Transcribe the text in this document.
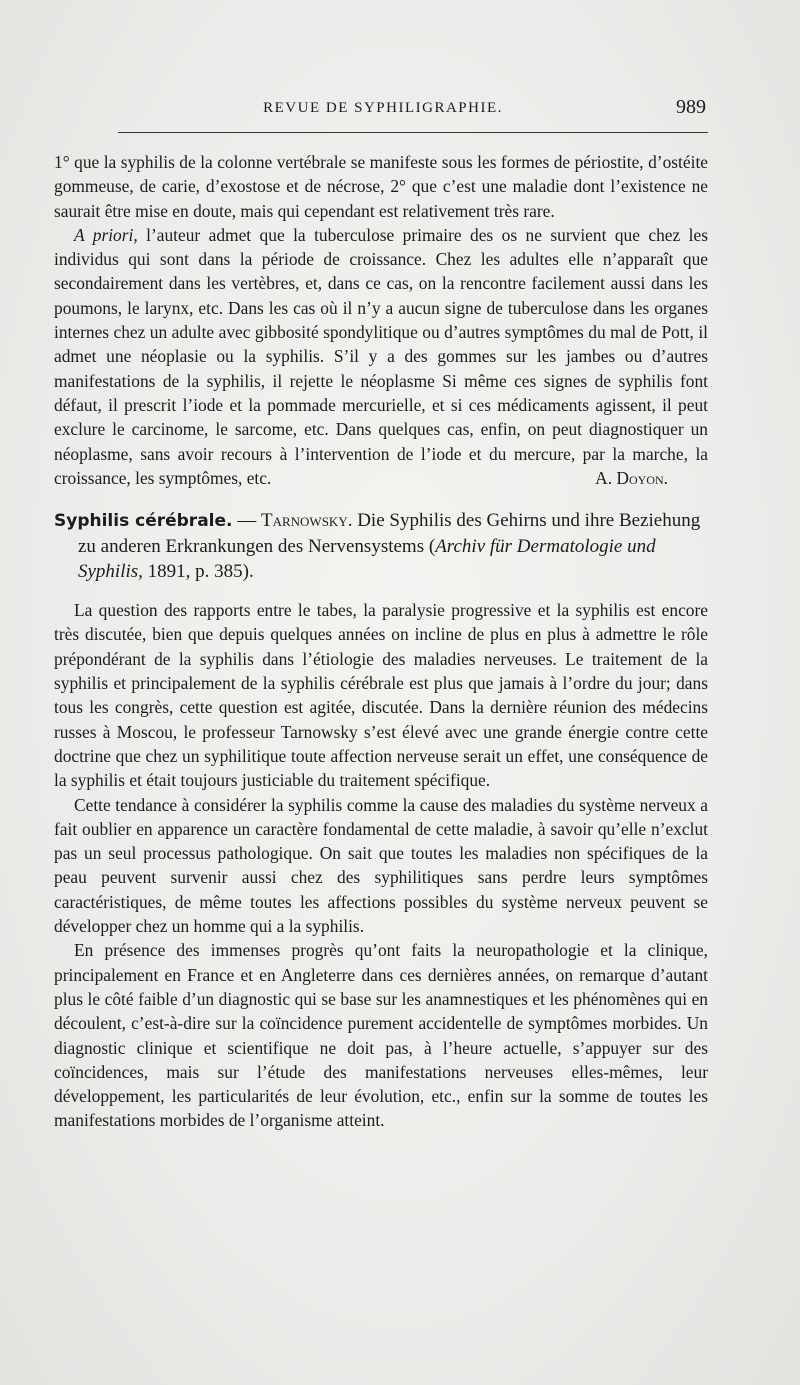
REVUE DE SYPHILIGRAPHIE.	989

1° que la syphilis de la colonne vertébrale se manifeste sous les formes de périostite, d’ostéite gommeuse, de carie, d’exostose et de nécrose, 2° que c’est une maladie dont l’existence ne saurait être mise en doute, mais qui cependant est relativement très rare.

A priori, l’auteur admet que la tuberculose primaire des os ne survient que chez les individus qui sont dans la période de croissance. Chez les adultes elle n’apparaît que secondairement dans les vertèbres, et, dans ce cas, on la rencontre facilement aussi dans les poumons, le larynx, etc. Dans les cas où il n’y a aucun signe de tuberculose dans les organes internes chez un adulte avec gibbosité spondylitique ou d’autres symptômes du mal de Pott, il admet une néoplasie ou la syphilis. S’il y a des gommes sur les jambes ou d’autres manifestations de la syphilis, il rejette le néoplasme Si même ces signes de syphilis font défaut, il prescrit l’iode et la pommade mercurielle, et si ces médicaments agissent, il peut exclure le carcinome, le sarcome, etc. Dans quelques cas, enfin, on peut diagnostiquer un néoplasme, sans avoir recours à l’intervention de l’iode et du mercure, par la marche, la croissance, les symptômes, etc.	A. Doyon.

Syphilis cérébrale. — Tarnowsky. Die Syphilis des Gehirns und ihre Beziehung zu anderen Erkrankungen des Nervensystems (Archiv für Dermatologie und Syphilis, 1891, p. 385).

La question des rapports entre le tabes, la paralysie progressive et la syphilis est encore très discutée, bien que depuis quelques années on incline de plus en plus à admettre le rôle prépondérant de la syphilis dans l’étiologie des maladies nerveuses. Le traitement de la syphilis et principalement de la syphilis cérébrale est plus que jamais à l’ordre du jour; dans tous les congrès, cette question est agitée, discutée. Dans la dernière réunion des médecins russes à Moscou, le professeur Tarnowsky s’est élevé avec une grande énergie contre cette doctrine que chez un syphilitique toute affection nerveuse serait un effet, une conséquence de la syphilis et était toujours justiciable du traitement spécifique.

Cette tendance à considérer la syphilis comme la cause des maladies du système nerveux a fait oublier en apparence un caractère fondamental de cette maladie, à savoir qu’elle n’exclut pas un seul processus pathologique. On sait que toutes les maladies non spécifiques de la peau peuvent survenir aussi chez des syphilitiques sans perdre leurs symptômes caractéristiques, de même toutes les affections possibles du système nerveux peuvent se développer chez un homme qui a la syphilis.

En présence des immenses progrès qu’ont faits la neuropathologie et la clinique, principalement en France et en Angleterre dans ces dernières années, on remarque d’autant plus le côté faible d’un diagnostic qui se base sur les anamnestiques et les phénomènes qui en découlent, c’est-à-dire sur la coïncidence purement accidentelle de symptômes morbides. Un diagnostic clinique et scientifique ne doit pas, à l’heure actuelle, s’appuyer sur des coïncidences, mais sur l’étude des manifestations nerveuses elles-mêmes, leur développement, les particularités de leur évolution, etc., enfin sur la somme de toutes les manifestations morbides de l’organisme atteint.
